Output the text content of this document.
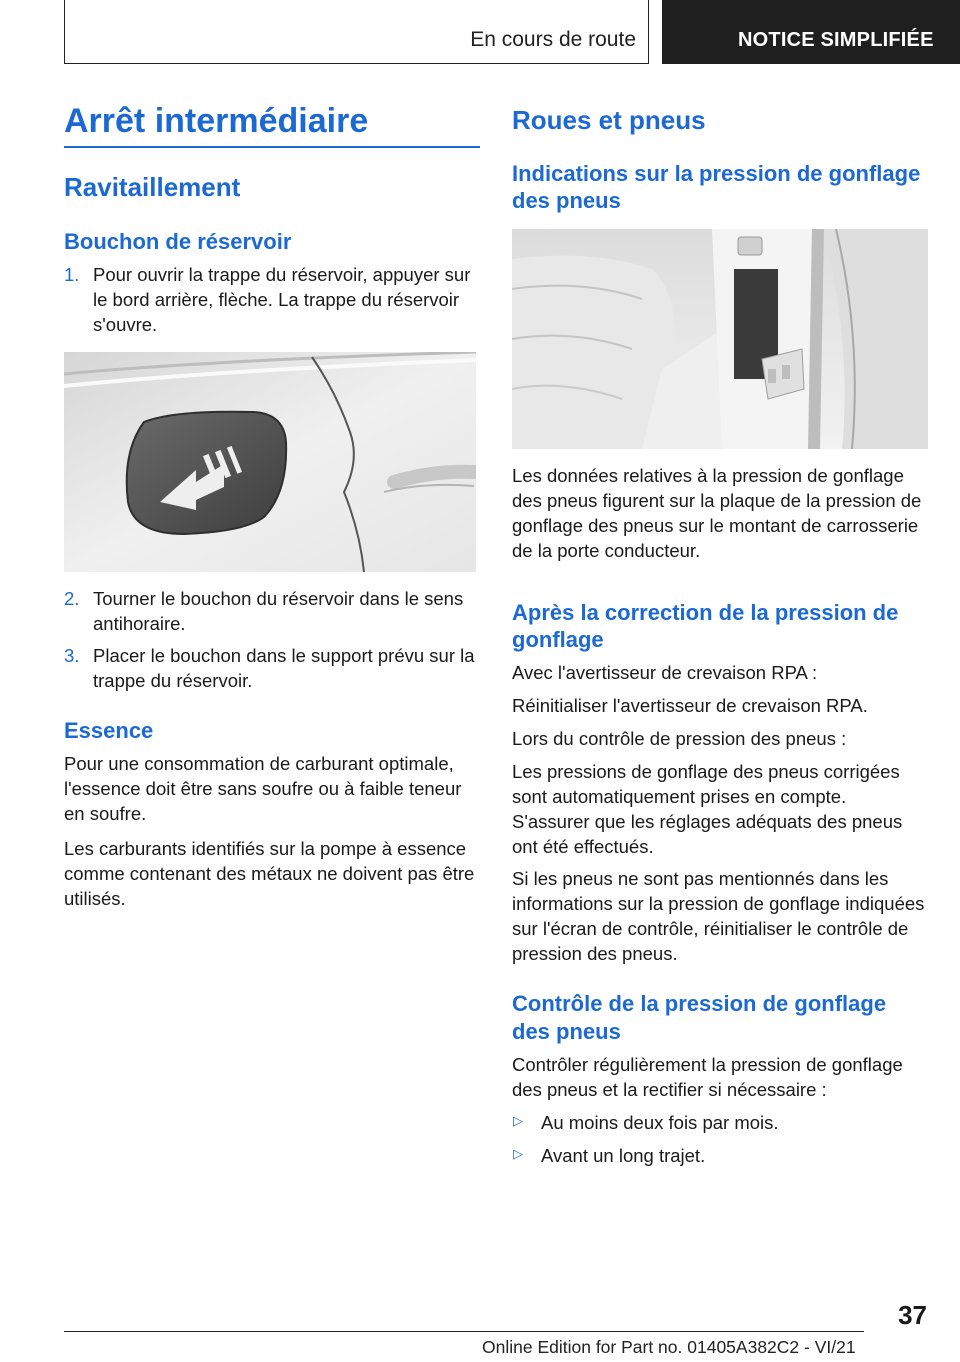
En cours de route	NOTICE SIMPLIFIÉE
Arrêt intermédiaire
Ravitaillement
Bouchon de réservoir
1. Pour ouvrir la trappe du réservoir, appuyer sur le bord arrière, flèche. La trappe du réservoir s'ouvre.
2. Tourner le bouchon du réservoir dans le sens antihoraire.
3. Placer le bouchon dans le support prévu sur la trappe du réservoir.
Essence

Pour une consommation de carburant optimale, l'essence doit être sans soufre ou à faible teneur en soufre.

Les carburants identifiés sur la pompe à essence comme contenant des métaux ne doivent pas être utilisés.

Roues et pneus
Indications sur la pression de gonflage des pneus

Les données relatives à la pression de gonflage des pneus figurent sur la plaque de la pression de gonflage des pneus sur le montant de carrosserie de la porte conducteur.

Après la correction de la pression de gonflage

Avec l'avertisseur de crevaison RPA :

Réinitialiser l'avertisseur de crevaison RPA.

Lors du contrôle de pression des pneus :

Les pressions de gonflage des pneus corrigées sont automatiquement prises en compte. S'assurer que les réglages adéquats des pneus ont été effectués.

Si les pneus ne sont pas mentionnés dans les informations sur la pression de gonflage indiquées sur l'écran de contrôle, réinitialiser le contrôle de pression des pneus.

Contrôle de la pression de gonflage des pneus

Contrôler régulièrement la pression de gonflage des pneus et la rectifier si nécessaire :

▷ Au moins deux fois par mois.
▷ Avant un long trajet.
37
Online Edition for Part no. 01405A382C2 - VI/21
